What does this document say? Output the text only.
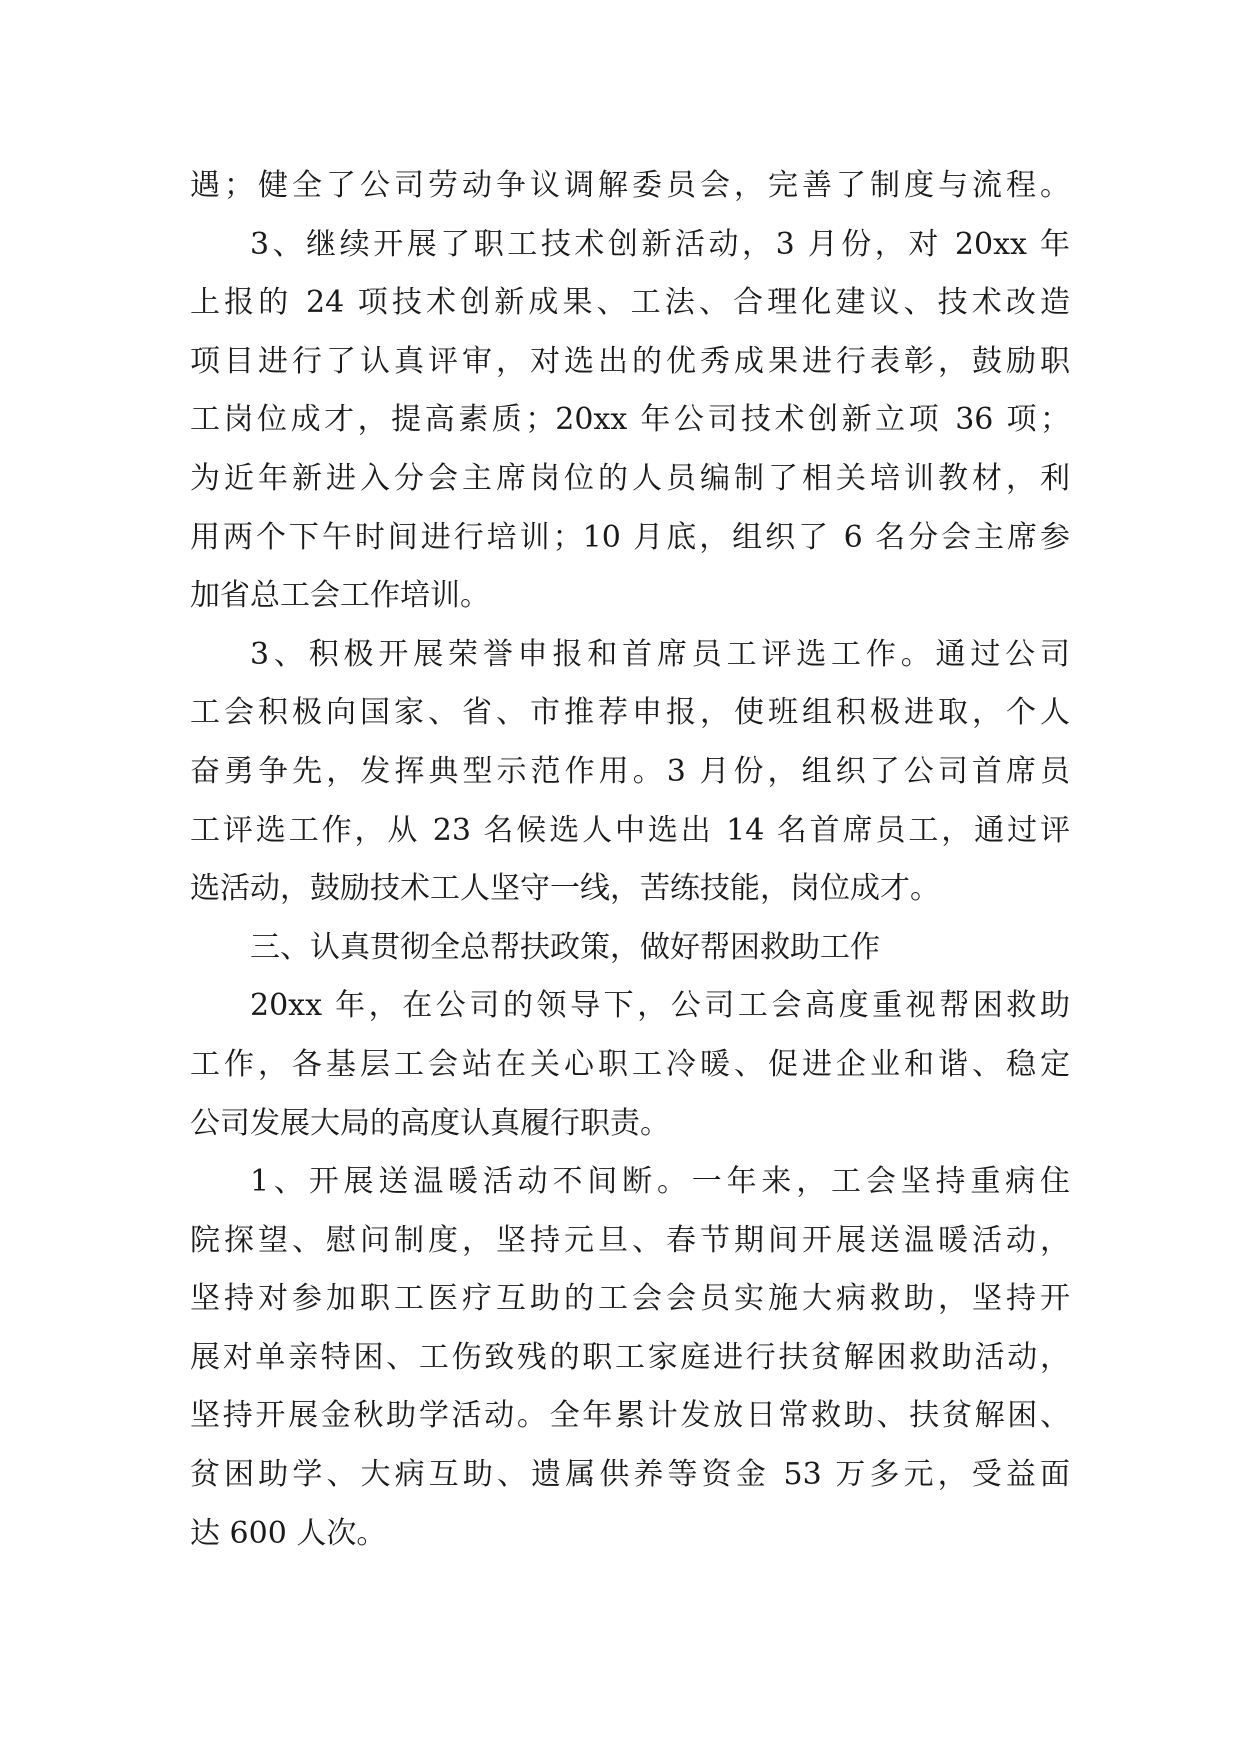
遇；健全了公司劳动争议调解委员会，完善了制度与流程。
3、继续开展了职工技术创新活动，3 月份，对 20xx 年
上报的 24 项技术创新成果、工法、合理化建议、技术改造
项目进行了认真评审，对选出的优秀成果进行表彰，鼓励职
工岗位成才，提高素质；20xx 年公司技术创新立项 36 项；
为近年新进入分会主席岗位的人员编制了相关培训教材，利
用两个下午时间进行培训；10 月底，组织了 6 名分会主席参
加省总工会工作培训。
3、积极开展荣誉申报和首席员工评选工作。通过公司
工会积极向国家、省、市推荐申报，使班组积极进取，个人
奋勇争先，发挥典型示范作用。3 月份，组织了公司首席员
工评选工作，从 23 名候选人中选出 14 名首席员工，通过评
选活动，鼓励技术工人坚守一线，苦练技能，岗位成才。
三、认真贯彻全总帮扶政策，做好帮困救助工作
20xx 年，在公司的领导下，公司工会高度重视帮困救助
工作，各基层工会站在关心职工冷暖、促进企业和谐、稳定
公司发展大局的高度认真履行职责。
1、开展送温暖活动不间断。一年来，工会坚持重病住
院探望、慰问制度，坚持元旦、春节期间开展送温暖活动，
坚持对参加职工医疗互助的工会会员实施大病救助，坚持开
展对单亲特困、工伤致残的职工家庭进行扶贫解困救助活动，
坚持开展金秋助学活动。全年累计发放日常救助、扶贫解困、
贫困助学、大病互助、遗属供养等资金 53 万多元，受益面
达 600 人次。
